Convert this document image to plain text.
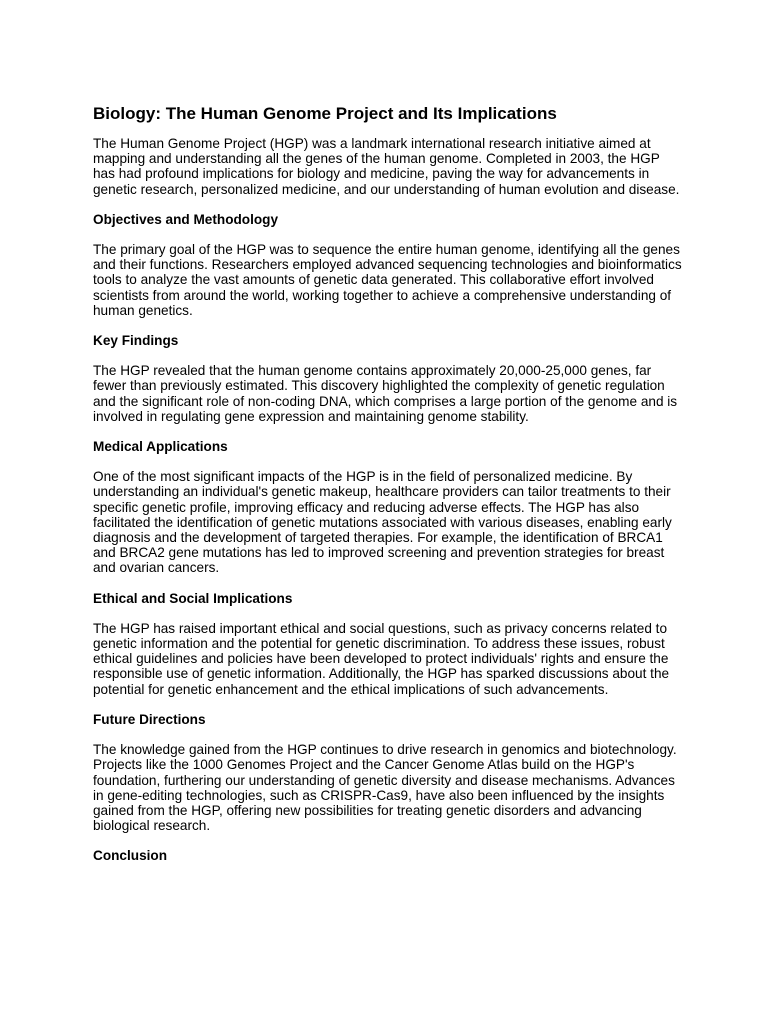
Biology: The Human Genome Project and Its Implications

The Human Genome Project (HGP) was a landmark international research initiative aimed at mapping and understanding all the genes of the human genome. Completed in 2003, the HGP has had profound implications for biology and medicine, paving the way for advancements in genetic research, personalized medicine, and our understanding of human evolution and disease.

Objectives and Methodology

The primary goal of the HGP was to sequence the entire human genome, identifying all the genes and their functions. Researchers employed advanced sequencing technologies and bioinformatics tools to analyze the vast amounts of genetic data generated. This collaborative effort involved scientists from around the world, working together to achieve a comprehensive understanding of human genetics.

Key Findings

The HGP revealed that the human genome contains approximately 20,000-25,000 genes, far fewer than previously estimated. This discovery highlighted the complexity of genetic regulation and the significant role of non-coding DNA, which comprises a large portion of the genome and is involved in regulating gene expression and maintaining genome stability.

Medical Applications

One of the most significant impacts of the HGP is in the field of personalized medicine. By understanding an individual's genetic makeup, healthcare providers can tailor treatments to their specific genetic profile, improving efficacy and reducing adverse effects. The HGP has also facilitated the identification of genetic mutations associated with various diseases, enabling early diagnosis and the development of targeted therapies. For example, the identification of BRCA1 and BRCA2 gene mutations has led to improved screening and prevention strategies for breast and ovarian cancers.

Ethical and Social Implications

The HGP has raised important ethical and social questions, such as privacy concerns related to genetic information and the potential for genetic discrimination. To address these issues, robust ethical guidelines and policies have been developed to protect individuals' rights and ensure the responsible use of genetic information. Additionally, the HGP has sparked discussions about the potential for genetic enhancement and the ethical implications of such advancements.

Future Directions

The knowledge gained from the HGP continues to drive research in genomics and biotechnology. Projects like the 1000 Genomes Project and the Cancer Genome Atlas build on the HGP's foundation, furthering our understanding of genetic diversity and disease mechanisms. Advances in gene-editing technologies, such as CRISPR-Cas9, have also been influenced by the insights gained from the HGP, offering new possibilities for treating genetic disorders and advancing biological research.

Conclusion
